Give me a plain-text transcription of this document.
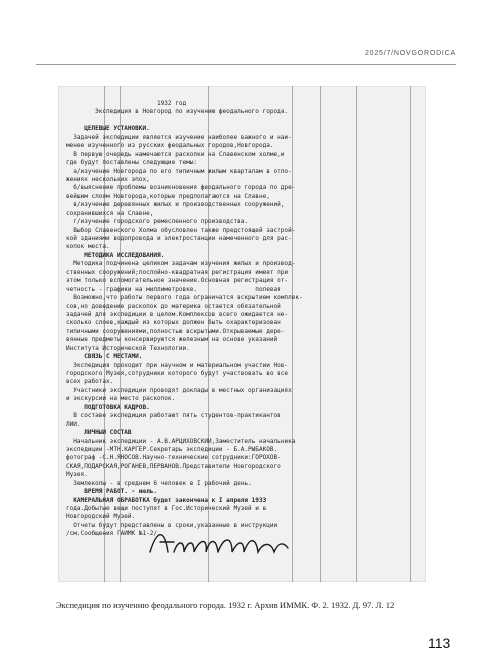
2025/7/NOVGORODICA
1932 год
Экспедиция в Новгород по изучению феодального города.
ЦЕЛЕВЫЕ УСТАНОВКИ.
Задачей экспедиции является изучение наиболее важного и наи-
менее изученного из русских феодальных городов,Новгорода.
В первую очередь намечаются раскопки на Славенском холме,и
где будут поставлены следующие темы:
а/изучение Новгорода по его типичным жилым кварталам в отло-
жениях нескольких эпох,
б/выяснение проблемы возникновения феодального города по дре-
вейшим слоям Новгорода,которые предполагаются на Славне,
в/изучение деревянных жилых и производственных сооружений,
сохранившихся на Славне,
г/изучение городского ремесленного производства.
Выбор Славенского Холма обусловлен также предстоящей застрой-
кой зданиями водопровода и электростанции намеченного для рас-
копок места.
МЕТОДИКА ИССЛЕДОВАНИЯ.
Методика подчинена целиком задачам изучения жилых и производ-
ственных сооружений;послойно-квадратная регистрация имеет при
этом только вспомогательное значение.Основная регистрация от-
четность - графики на миллиметровке.                полевая
Возможно,что работы первого года ограничатся вскрытием комплек-
сов,но доведение раскопок до материка остается обязательной
задачей для экспедиции в целом.Комплексов всего ожидается не-
сколько слоев,каждый из которых должен быть охарактеризован
типичными сооружениями,полностью вскрытыми.Открываемые дере-
вянные предметы консервируются железным на основе указаний
Института Исторической Технологии.
СВЯЗЬ С МЕСТАМИ.
Экспедиция проходит при научном и материальном участии Нов-
городского Музея,сотрудники которого будут участвовать во все
всех работах.
Участники экспедиции проводят доклады в местных организациях
и экскурсии на место раскопок.
ПОДГОТОВКА КАДРОВ.
В составе экспедиции работают пять студентов-практикантов
ЛИИ.
ЛИЧНЫЙ СОСТАВ
Начальник экспедиции - А.В.АРЦИХОВСКИЙ,Заместитель начальника
экспедиции -МТН.КАРГЕР.Секретарь экспедиции - Б.А.РЫБАКОВ.
фотограф -С.Н.ЯНОСОВ.Научно-технические сотрудники:ГОРОХОВ-
СКАЯ,ПОДАРСКАЯ,РОГАНЕВ,ПЕРВАНОВ.Представители Новгородского
Музея.
Землекопы - в среднем 6 человек в I рабочий день.
ВРЕМЯ РАБОТ. - июль.
КАМЕРАЛЬНАЯ ОБРАБОТКА будет закончена к I апреля 1933
года.Добытые вещи поступят в Гос.Исторический Музей и в
Новгородский Музей.
Отчеты будут представлены в сроки,указанные в инструкции
/см.Сообщения ГАИМК №1-2/.
Экспедиция по изучению феодального города. 1932 г. Архив ИММК. Ф. 2. 1932. Д. 97. Л. 12
113
